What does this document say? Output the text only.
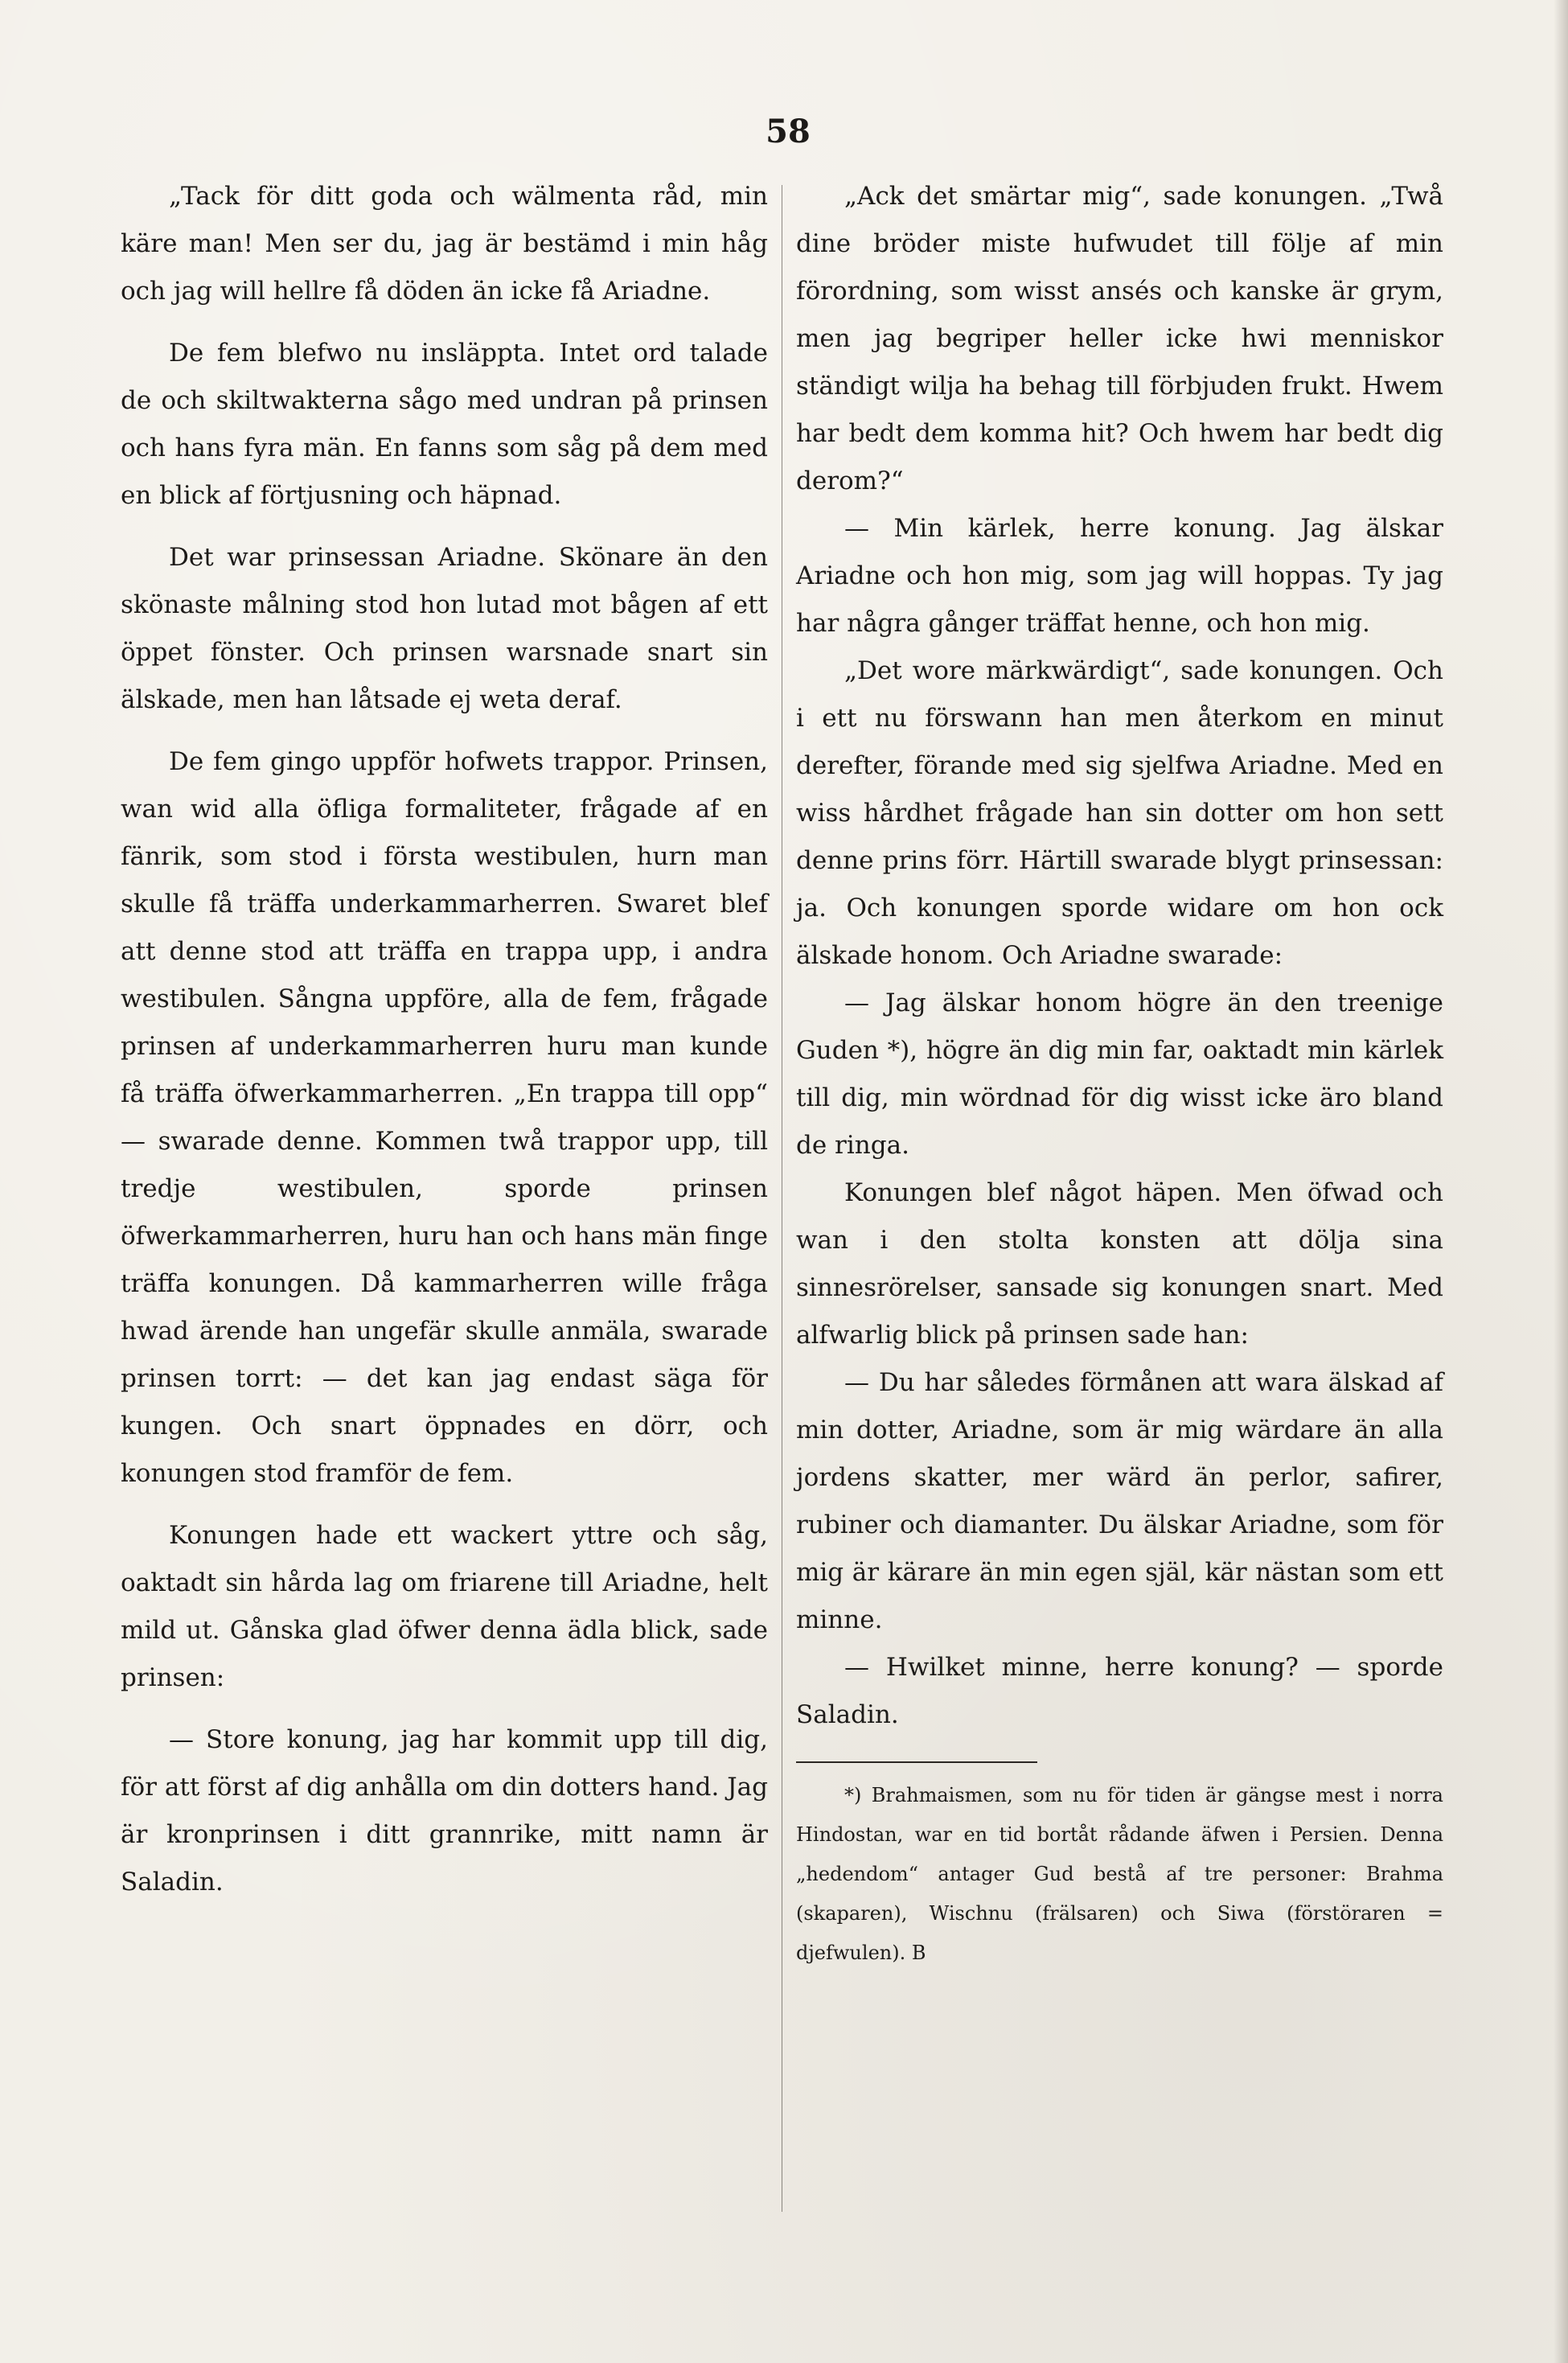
58

„Tack för ditt goda och wälmenta råd, min käre man! Men ser du, jag är bestämd i min håg och jag will hellre få döden än icke få Ariadne.

De fem blefwo nu insläppta. Intet ord talade de och skiltwakterna sågo med undran på prinsen och hans fyra män. En fanns som såg på dem med en blick af förtjusning och häpnad.

Det war prinsessan Ariadne. Skönare än den skönaste målning stod hon lutad mot bågen af ett öppet fönster. Och prinsen warsnade snart sin älskade, men han låtsade ej weta deraf.

De fem gingo uppför hofwets trappor. Prinsen, wan wid alla öfliga formaliteter, frågade af en fänrik, som stod i första westibulen, hurn man skulle få träffa underkammarherren. Swaret blef att denne stod att träffa en trappa upp, i andra westibulen. Sångna uppföre, alla de fem, frågade prinsen af underkammarherren huru man kunde få träffa öfwerkammarherren. „En trappa till opp“ — swarade denne. Kommen twå trappor upp, till tredje westibulen, sporde prinsen öfwerkammarherren, huru han och hans män finge träffa konungen. Då kammarherren wille fråga hwad ärende han ungefär skulle anmäla, swarade prinsen torrt: — det kan jag endast säga för kungen. Och snart öppnades en dörr, och konungen stod framför de fem.

Konungen hade ett wackert yttre och såg, oaktadt sin hårda lag om friarene till Ariadne, helt mild ut. Gånska glad öfwer denna ädla blick, sade prinsen:

— Store konung, jag har kommit upp till dig, för att först af dig anhålla om din dotters hand. Jag är kronprinsen i ditt grannrike, mitt namn är Saladin.

„Ack det smärtar mig“, sade konungen. „Twå dine bröder miste hufwudet till följe af min förordning, som wisst ansés och kanske är grym, men jag begriper heller icke hwi menniskor ständigt wilja ha behag till förbjuden frukt. Hwem har bedt dem komma hit? Och hwem har bedt dig derom?“

— Min kärlek, herre konung. Jag älskar Ariadne och hon mig, som jag will hoppas. Ty jag har några gånger träffat henne, och hon mig.

„Det wore märkwärdigt“, sade konungen. Och i ett nu förswann han men återkom en minut derefter, förande med sig sjelfwa Ariadne. Med en wiss hårdhet frågade han sin dotter om hon sett denne prins förr. Härtill swarade blygt prinsessan: ja. Och konungen sporde widare om hon ock älskade honom. Och Ariadne swarade:

— Jag älskar honom högre än den treenige Guden *), högre än dig min far, oaktadt min kärlek till dig, min wördnad för dig wisst icke äro bland de ringa.

Konungen blef något häpen. Men öfwad och wan i den stolta konsten att dölja sina sinnesrörelser, sansade sig konungen snart. Med alfwarlig blick på prinsen sade han:

— Du har således förmånen att wara älskad af min dotter, Ariadne, som är mig wärdare än alla jordens skatter, mer wärd än perlor, safirer, rubiner och diamanter. Du älskar Ariadne, som för mig är kärare än min egen själ, kär nästan som ett minne.

— Hwilket minne, herre konung? — sporde Saladin.

*) Brahmaismen, som nu för tiden är gängse mest i norra Hindostan, war en tid bortåt rådande äfwen i Persien. Denna „hedendom“ antager Gud bestå af tre personer: Brahma (skaparen), Wischnu (frälsaren) och Siwa (förstöraren = djefwulen). B
